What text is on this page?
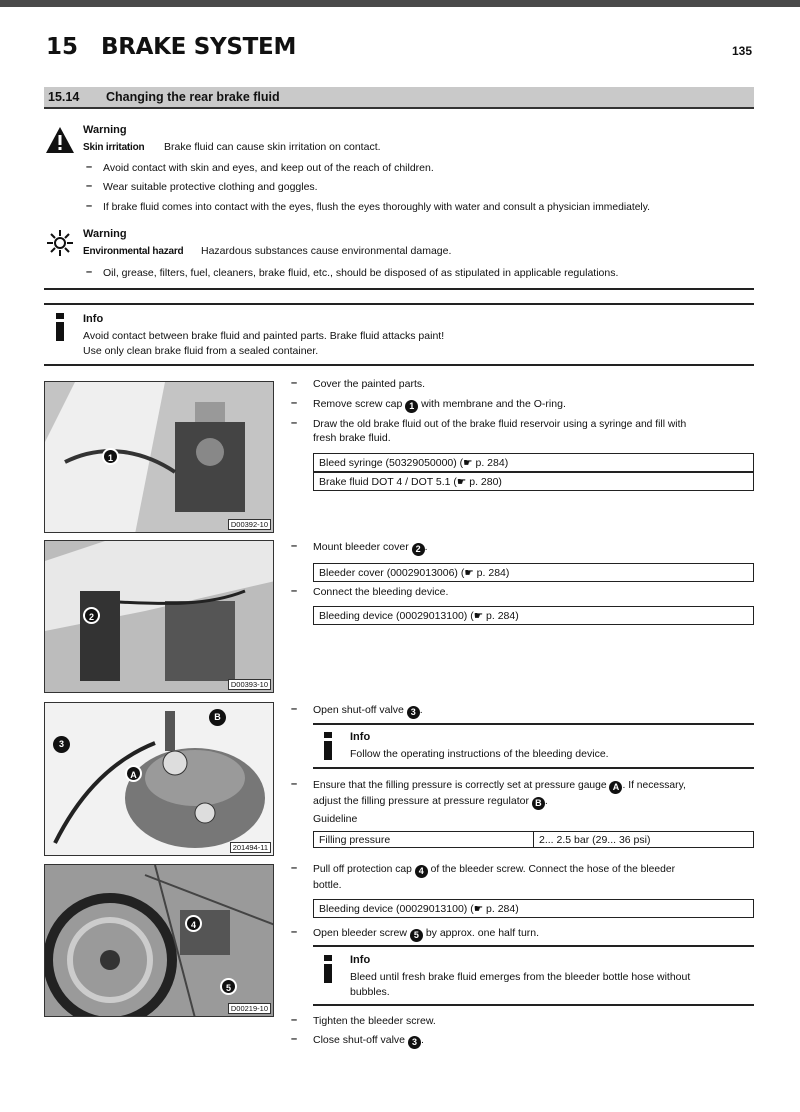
15 BRAKE SYSTEM	135
15.14 Changing the rear brake fluid
Warning
Skin irritation Brake fluid can cause skin irritation on contact.
– Avoid contact with skin and eyes, and keep out of the reach of children.
– Wear suitable protective clothing and goggles.
– If brake fluid comes into contact with the eyes, flush the eyes thoroughly with water and consult a physician immediately.
Warning
Environmental hazard Hazardous substances cause environmental damage.
– Oil, grease, filters, fuel, cleaners, brake fluid, etc., should be disposed of as stipulated in applicable regulations.
Info
Avoid contact between brake fluid and painted parts. Brake fluid attacks paint!
Use only clean brake fluid from a sealed container.
1
D00392-10
– Cover the painted parts.
– Remove screw cap 1 with membrane and the O-ring.
– Draw the old brake fluid out of the brake fluid reservoir using a syringe and fill with
fresh brake fluid.
Bleed syringe (50329050000) (☛ p. 284)
Brake fluid DOT 4 / DOT 5.1 (☛ p. 280)
2
D00393-10
– Mount bleeder cover 2 .
Bleeder cover (00029013006) (☛ p. 284)
– Connect the bleeding device.
Bleeding device (00029013100) (☛ p. 284)
3
A
B
201494-11
– Open shut-off valve 3 .
Info
Follow the operating instructions of the bleeding device.
– Ensure that the filling pressure is correctly set at pressure gauge A . If necessary,
adjust the filling pressure at pressure regulator B .
Guideline
Filling pressure	2... 2.5 bar (29... 36 psi)
4
5
D00219-10
– Pull off protection cap 4 of the bleeder screw. Connect the hose of the bleeder
bottle.
Bleeding device (00029013100) (☛ p. 284)
– Open bleeder screw 5 by approx. one half turn.
Info
Bleed until fresh brake fluid emerges from the bleeder bottle hose without
bubbles.
– Tighten the bleeder screw.
– Close shut-off valve 3 .
